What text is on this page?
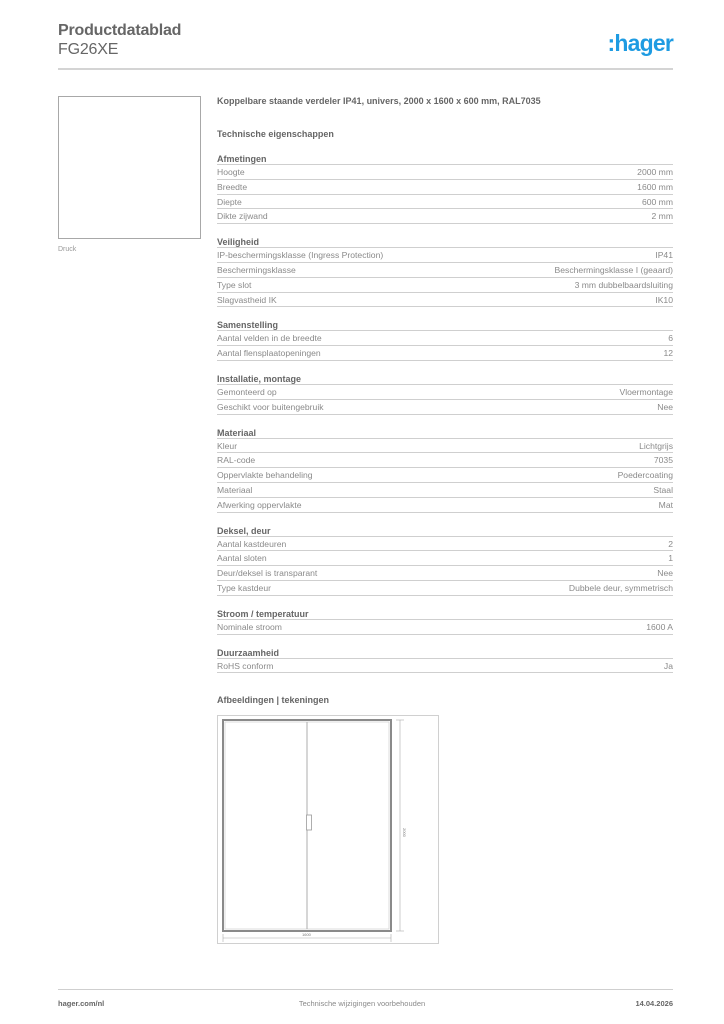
Productdatablad
FG26XE	:hager
Druck
Koppelbare staande verdeler IP41, univers, 2000 x 1600 x 600 mm, RAL7035
Technische eigenschappen
Afmetingen
Hoogte	2000 mm
Breedte	1600 mm
Diepte	600 mm
Dikte zijwand	2 mm
Veiligheid
IP-beschermingsklasse (Ingress Protection)	IP41
Beschermingsklasse	Beschermingsklasse I (geaard)
Type slot	3 mm dubbelbaardsluiting
Slagvastheid IK	IK10
Samenstelling
Aantal velden in de breedte	6
Aantal flensplaatopeningen	12
Installatie, montage
Gemonteerd op	Vloermontage
Geschikt voor buitengebruik	Nee
Materiaal
Kleur	Lichtgrijs
RAL-code	7035
Oppervlakte behandeling	Poedercoating
Materiaal	Staal
Afwerking oppervlakte	Mat
Deksel, deur
Aantal kastdeuren	2
Aantal sloten	1
Deur/deksel is transparant	Nee
Type kastdeur	Dubbele deur, symmetrisch
Stroom / temperatuur
Nominale stroom	1600 A
Duurzaamheid
RoHS conform	Ja
Afbeeldingen | tekeningen
2000
1600
hager.com/nl	Technische wijzigingen voorbehouden	14.04.2026
